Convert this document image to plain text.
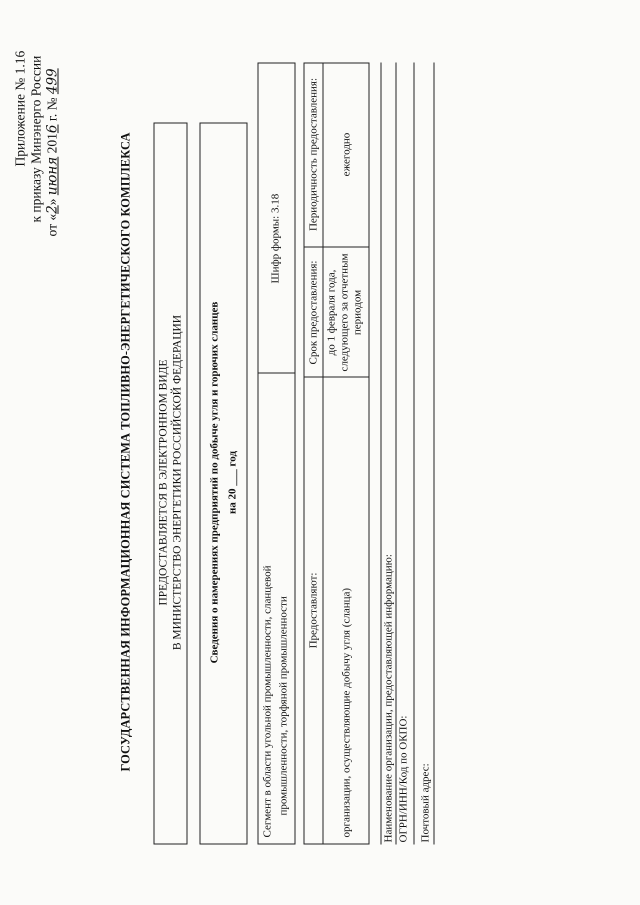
Приложение № 1.16 к приказу Минэнерго России
от «2» июня 2016 г. № 499
ГОСУДАРСТВЕННАЯ ИНФОРМАЦИОННАЯ СИСТЕМА ТОПЛИВНО-ЭНЕРГЕТИЧЕСКОГО КОМПЛЕКСА ПРЕДОСТАВЛЯЕТСЯ В ЭЛЕКТРОННОМ ВИДЕ В МИНИСТЕРСТВО ЭНЕРГЕТИКИ РОССИЙСКОЙ ФЕДЕРАЦИИ Сведения о намерениях предприятий по добыче угля и горючих сланцев на 20 ___ год
Сегмент в области угольной промышленности, сланцевой промышленности, торфяной промышленности
Шифр формы: 3.18
Предоставляют:
Срок предоставления:
Периодичность предоставления:
организации, осуществляющие добычу угля (сланца)
до 1 февраля года, следующего за отчетным периодом
ежегодно
Наименование организации, предоставляющей информацию: ОГРН/ИНН/Код по ОКПО: Почтовый адрес:
